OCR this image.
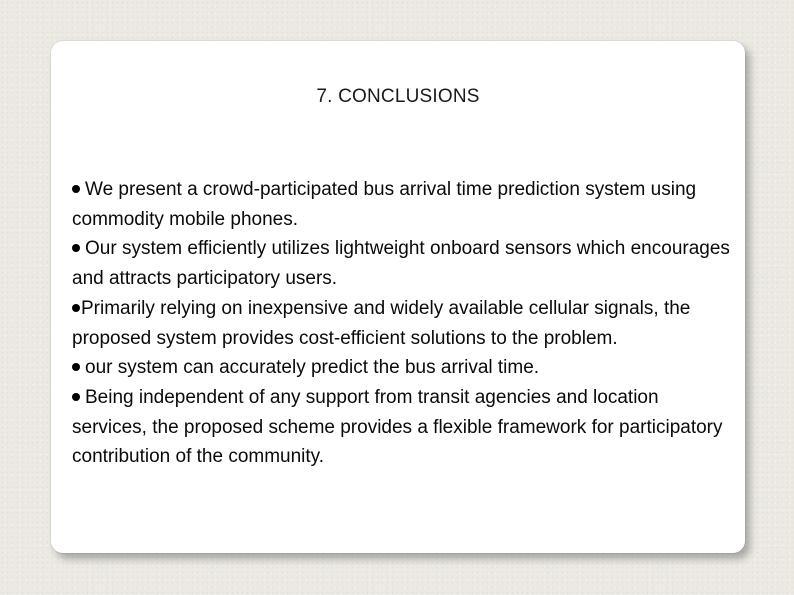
7. CONCLUSIONS
We present a crowd-participated bus arrival time prediction system using commodity mobile phones.
Our system efficiently utilizes lightweight onboard sensors which encourages and attracts participatory users.
Primarily relying on inexpensive and widely available cellular signals, the proposed system provides cost-efficient solutions to the problem.
our system can accurately predict the bus arrival time.
Being independent of any support from transit agencies and location services, the proposed scheme provides a flexible framework for participatory contribution of the community.
